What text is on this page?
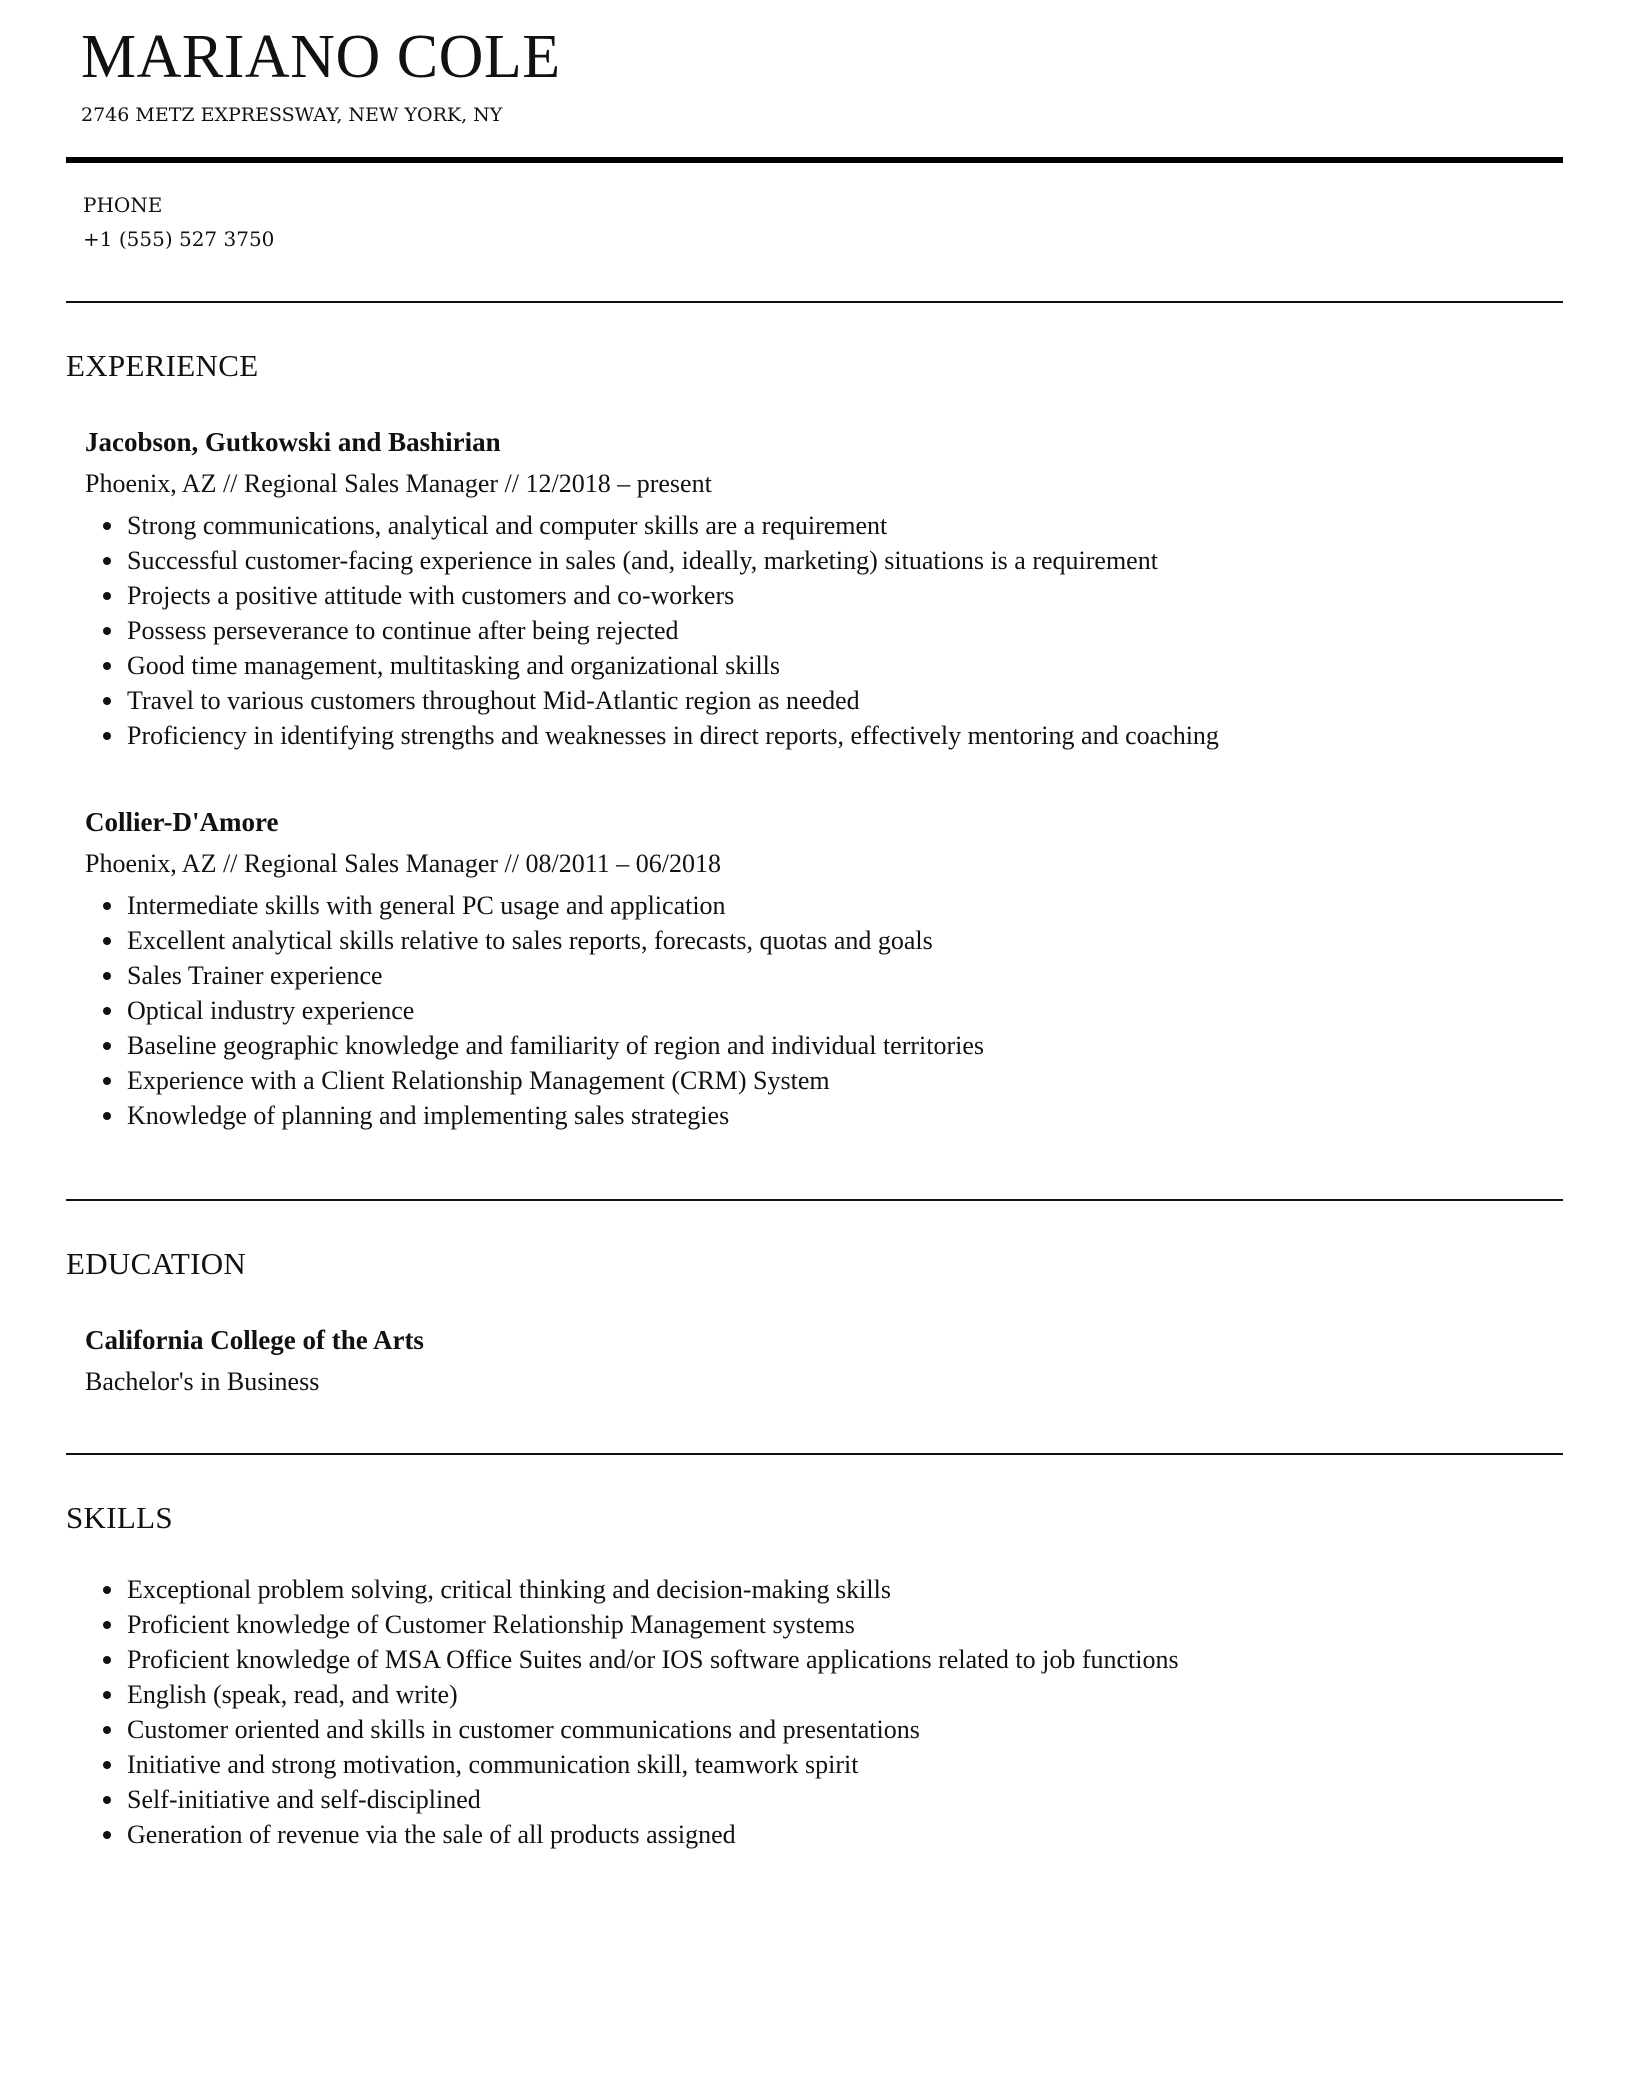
MARIANO COLE
2746 METZ EXPRESSWAY, NEW YORK, NY
PHONE
+1 (555) 527 3750
EXPERIENCE
Jacobson, Gutkowski and Bashirian
Phoenix, AZ // Regional Sales Manager // 12/2018 – present
Strong communications, analytical and computer skills are a requirement
Successful customer-facing experience in sales (and, ideally, marketing) situations is a requirement
Projects a positive attitude with customers and co-workers
Possess perseverance to continue after being rejected
Good time management, multitasking and organizational skills
Travel to various customers throughout Mid-Atlantic region as needed
Proficiency in identifying strengths and weaknesses in direct reports, effectively mentoring and coaching
Collier-D'Amore
Phoenix, AZ // Regional Sales Manager // 08/2011 – 06/2018
Intermediate skills with general PC usage and application
Excellent analytical skills relative to sales reports, forecasts, quotas and goals
Sales Trainer experience
Optical industry experience
Baseline geographic knowledge and familiarity of region and individual territories
Experience with a Client Relationship Management (CRM) System
Knowledge of planning and implementing sales strategies
EDUCATION
California College of the Arts
Bachelor's in Business
SKILLS
Exceptional problem solving, critical thinking and decision-making skills
Proficient knowledge of Customer Relationship Management systems
Proficient knowledge of MSA Office Suites and/or IOS software applications related to job functions
English (speak, read, and write)
Customer oriented and skills in customer communications and presentations
Initiative and strong motivation, communication skill, teamwork spirit
Self-initiative and self-disciplined
Generation of revenue via the sale of all products assigned
